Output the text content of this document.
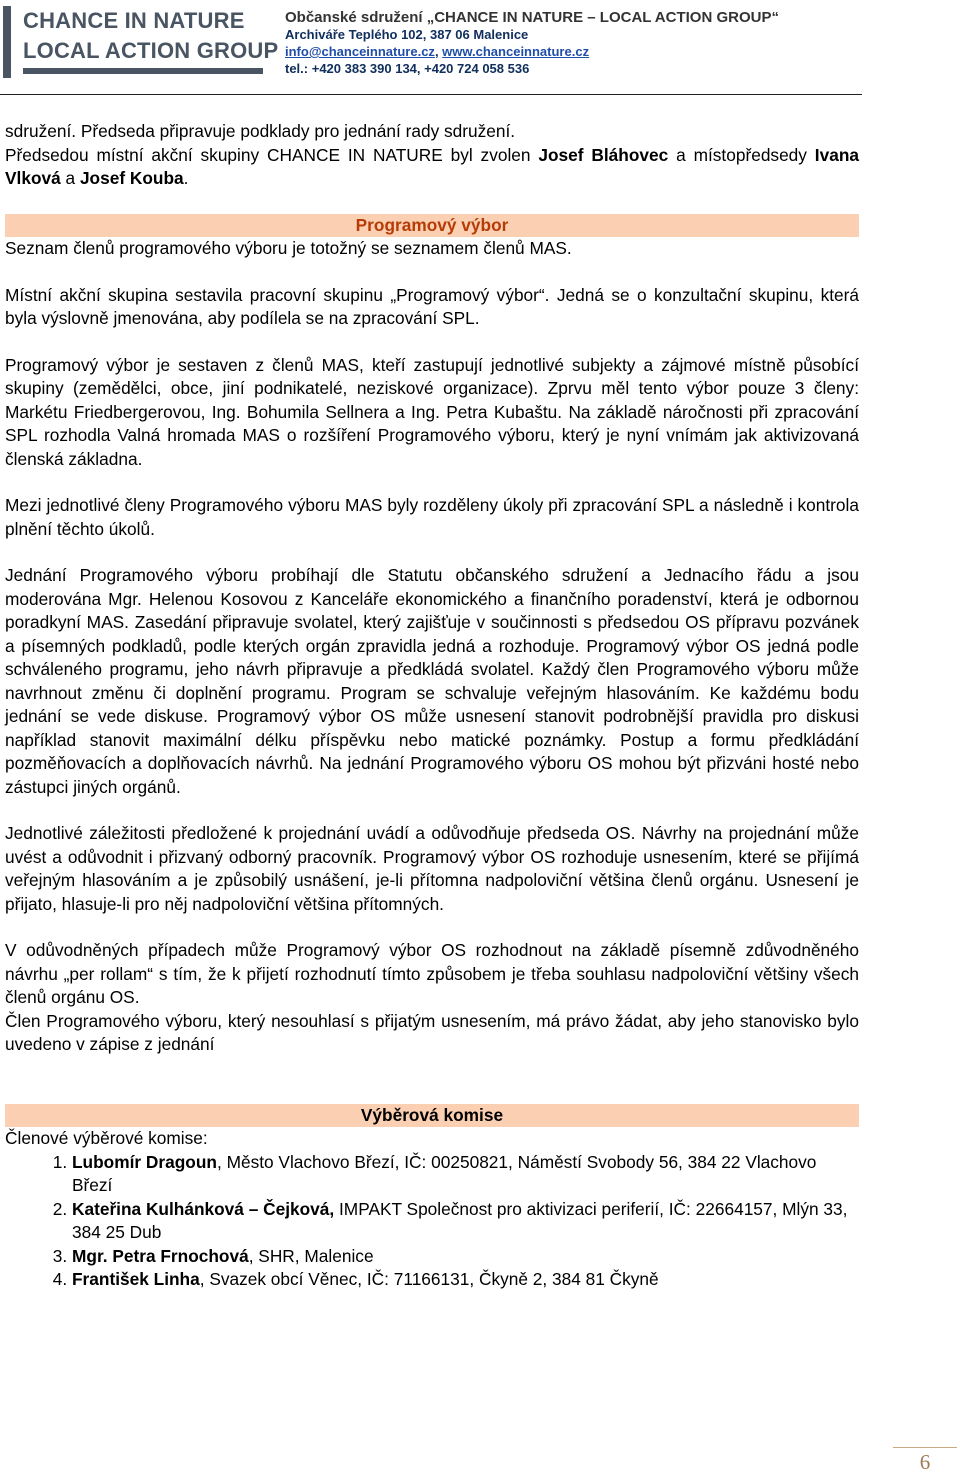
CHANCE IN NATURE
LOCAL ACTION GROUP
Občanské sdružení „CHANCE IN NATURE – LOCAL ACTION GROUP“
Archiváře Teplého 102, 387 06 Malenice
info@chanceinnature.cz, www.chanceinnature.cz
tel.: +420 383 390 134, +420 724 058 536

sdružení. Předseda připravuje podklady pro jednání rady sdružení.

Předsedou místní akční skupiny CHANCE IN NATURE byl zvolen Josef Bláhovec a místopředsedy Ivana Vlková a Josef Kouba.

Programový výbor

Seznam členů programového výboru je totožný se seznamem členů MAS.

Místní akční skupina sestavila pracovní skupinu „Programový výbor“. Jedná se o konzultační skupinu, která byla výslovně jmenována, aby podílela se na zpracování SPL.

Programový výbor je sestaven z členů MAS, kteří zastupují jednotlivé subjekty a zájmové místně působící skupiny (zemědělci, obce, jiní podnikatelé, neziskové organizace). Zprvu měl tento výbor pouze 3 členy: Markétu Friedbergerovou, Ing. Bohumila Sellnera a Ing. Petra Kubaštu. Na základě náročnosti při zpracování SPL rozhodla Valná hromada MAS o rozšíření Programového výboru, který je nyní vnímám jak aktivizovaná členská základna.

Mezi jednotlivé členy Programového výboru MAS byly rozděleny úkoly při zpracování SPL a následně i kontrola plnění těchto úkolů.

Jednání Programového výboru probíhají dle Statutu občanského sdružení a Jednacího řádu a jsou moderována Mgr. Helenou Kosovou z Kanceláře ekonomického a finančního poradenství, která je odbornou poradkyní MAS. Zasedání připravuje svolatel, který zajišťuje v součinnosti s předsedou OS přípravu pozvánek a písemných podkladů, podle kterých orgán zpravidla jedná a rozhoduje. Programový výbor OS jedná podle schváleného programu, jeho návrh připravuje a předkládá svolatel. Každý člen Programového výboru může navrhnout změnu či doplnění programu. Program se schvaluje veřejným hlasováním. Ke každému bodu jednání se vede diskuse. Programový výbor OS může usnesení stanovit podrobnější pravidla pro diskusi například stanovit maximální délku příspěvku nebo matické poznámky. Postup a formu předkládání pozměňovacích a doplňovacích návrhů. Na jednání Programového výboru OS mohou být přizváni hosté nebo zástupci jiných orgánů.

Jednotlivé záležitosti předložené k projednání uvádí a odůvodňuje předseda OS. Návrhy na projednání může uvést a odůvodnit i přizvaný odborný pracovník. Programový výbor OS rozhoduje usnesením, které se přijímá veřejným hlasováním a je způsobilý usnášení, je-li přítomna nadpoloviční většina členů orgánu. Usnesení je přijato, hlasuje-li pro něj nadpoloviční většina přítomných.

V odůvodněných případech může Programový výbor OS rozhodnout na základě písemně zdůvodněného návrhu „per rollam“ s tím, že k přijetí rozhodnutí tímto způsobem je třeba souhlasu nadpoloviční většiny všech členů orgánu OS.

Člen Programového výboru, který nesouhlasí s přijatým usnesením, má právo žádat, aby jeho stanovisko bylo uvedeno v zápise z jednání

Výběrová komise

Členové výběrové komise:

1. Lubomír Dragoun, Město Vlachovo Březí, IČ: 00250821, Náměstí Svobody 56, 384 22 Vlachovo Březí
2. Kateřina Kulhánková – Čejková, IMPAKT Společnost pro aktivizaci periferií, IČ: 22664157, Mlýn 33, 384 25 Dub
3. Mgr. Petra Frnochová, SHR, Malenice
4. František Linha, Svazek obcí Věnec, IČ: 71166131, Čkyně 2, 384 81 Čkyně
6
